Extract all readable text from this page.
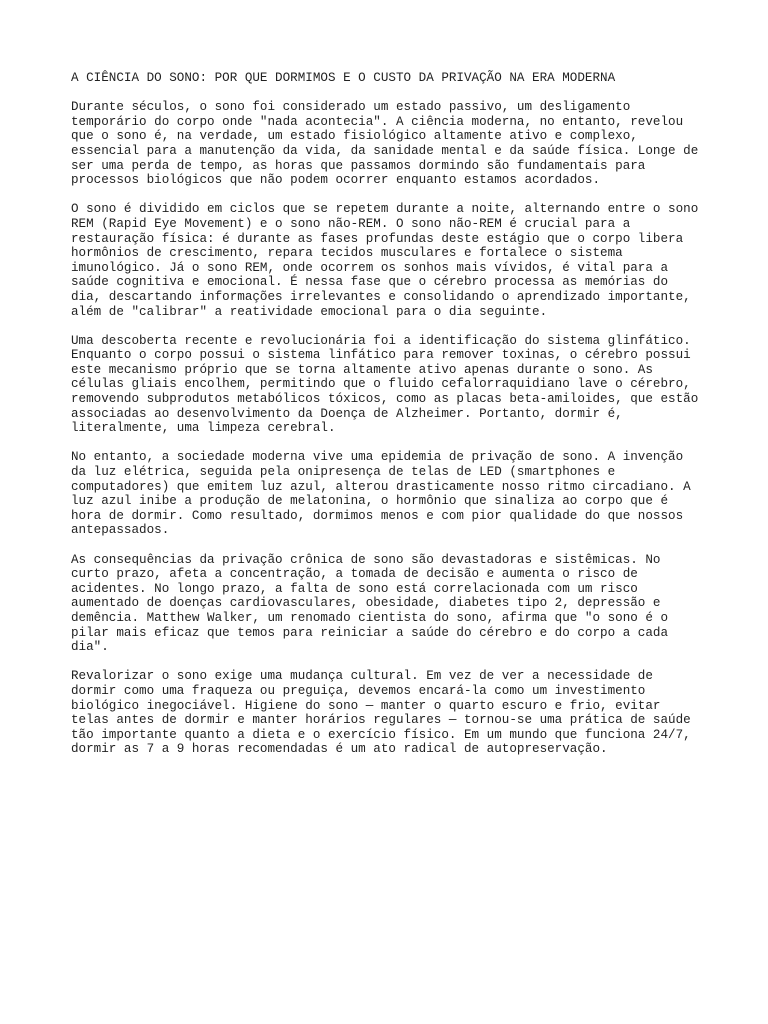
A CIÊNCIA DO SONO: POR QUE DORMIMOS E O CUSTO DA PRIVAÇÃO NA ERA MODERNA

Durante séculos, o sono foi considerado um estado passivo, um desligamento
temporário do corpo onde "nada acontecia". A ciência moderna, no entanto, revelou
que o sono é, na verdade, um estado fisiológico altamente ativo e complexo,
essencial para a manutenção da vida, da sanidade mental e da saúde física. Longe de
ser uma perda de tempo, as horas que passamos dormindo são fundamentais para
processos biológicos que não podem ocorrer enquanto estamos acordados.

O sono é dividido em ciclos que se repetem durante a noite, alternando entre o sono
REM (Rapid Eye Movement) e o sono não-REM. O sono não-REM é crucial para a
restauração física: é durante as fases profundas deste estágio que o corpo libera
hormônios de crescimento, repara tecidos musculares e fortalece o sistema
imunológico. Já o sono REM, onde ocorrem os sonhos mais vívidos, é vital para a
saúde cognitiva e emocional. É nessa fase que o cérebro processa as memórias do
dia, descartando informações irrelevantes e consolidando o aprendizado importante,
além de "calibrar" a reatividade emocional para o dia seguinte.

Uma descoberta recente e revolucionária foi a identificação do sistema glinfático.
Enquanto o corpo possui o sistema linfático para remover toxinas, o cérebro possui
este mecanismo próprio que se torna altamente ativo apenas durante o sono. As
células gliais encolhem, permitindo que o fluido cefalorraquidiano lave o cérebro,
removendo subprodutos metabólicos tóxicos, como as placas beta-amiloides, que estão
associadas ao desenvolvimento da Doença de Alzheimer. Portanto, dormir é,
literalmente, uma limpeza cerebral.

No entanto, a sociedade moderna vive uma epidemia de privação de sono. A invenção
da luz elétrica, seguida pela onipresença de telas de LED (smartphones e
computadores) que emitem luz azul, alterou drasticamente nosso ritmo circadiano. A
luz azul inibe a produção de melatonina, o hormônio que sinaliza ao corpo que é
hora de dormir. Como resultado, dormimos menos e com pior qualidade do que nossos
antepassados.

As consequências da privação crônica de sono são devastadoras e sistêmicas. No
curto prazo, afeta a concentração, a tomada de decisão e aumenta o risco de
acidentes. No longo prazo, a falta de sono está correlacionada com um risco
aumentado de doenças cardiovasculares, obesidade, diabetes tipo 2, depressão e
demência. Matthew Walker, um renomado cientista do sono, afirma que "o sono é o
pilar mais eficaz que temos para reiniciar a saúde do cérebro e do corpo a cada
dia".

Revalorizar o sono exige uma mudança cultural. Em vez de ver a necessidade de
dormir como uma fraqueza ou preguiça, devemos encará-la como um investimento
biológico inegociável. Higiene do sono — manter o quarto escuro e frio, evitar
telas antes de dormir e manter horários regulares — tornou-se uma prática de saúde
tão importante quanto a dieta e o exercício físico. Em um mundo que funciona 24/7,
dormir as 7 a 9 horas recomendadas é um ato radical de autopreservação.
